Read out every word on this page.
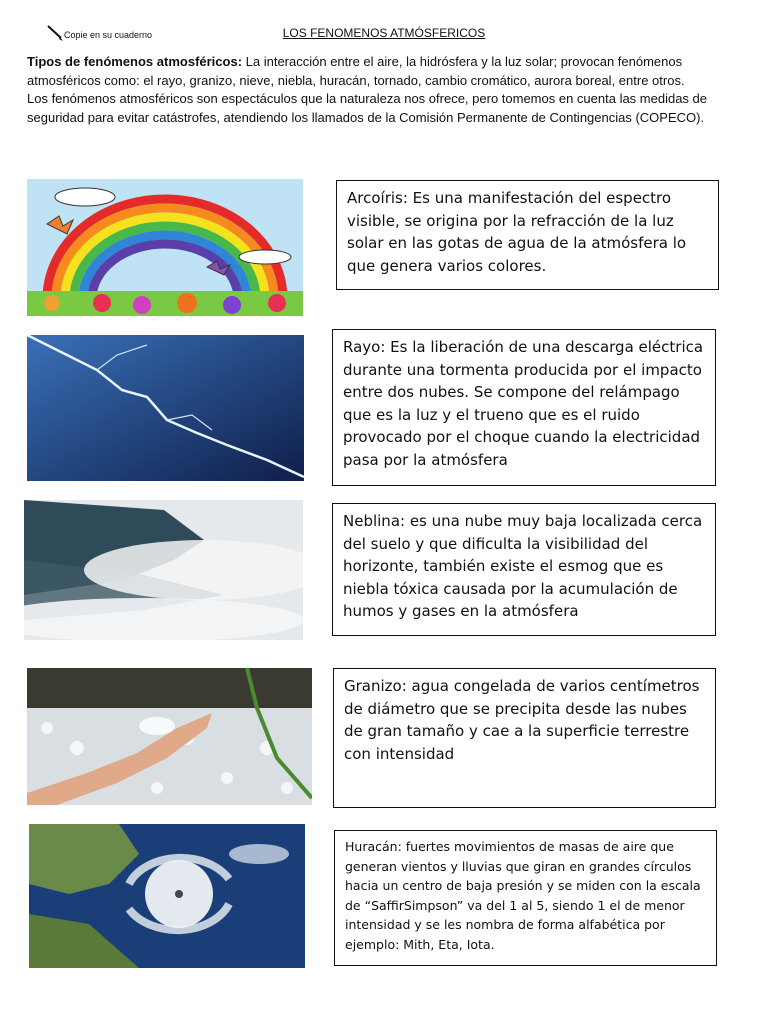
Copie en su cuaderno	LOS FENOMENOS ATMÓSFERICOS
Tipos de fenómenos atmosféricos: La interacción entre el aire, la hidrósfera y la luz solar; provocan fenómenos atmosféricos como: el rayo, granizo, nieve, niebla, huracán, tornado, cambio cromático, aurora boreal, entre otros.
Los fenómenos atmosféricos son espectáculos que la naturaleza nos ofrece, pero tomemos en cuenta las medidas de seguridad para evitar catástrofes, atendiendo los llamados de la Comisión Permanente de Contingencias (COPECO).
Arcoíris: Es una manifestación del espectro visible, se origina por la refracción de la luz solar en las gotas de agua de la atmósfera lo que genera varios colores.
Rayo: Es la liberación de una descarga eléctrica durante una tormenta producida por el impacto entre dos nubes. Se compone del relámpago que es la luz y el trueno que es el ruido provocado por el choque cuando la electricidad pasa por la atmósfera
Neblina: es una nube muy baja localizada cerca del suelo y que dificulta la visibilidad del horizonte, también existe el esmog que es niebla tóxica causada por la acumulación de humos y gases en la atmósfera
Granizo: agua congelada de varios centímetros de diámetro que se precipita desde las nubes de gran tamaño y cae a la superficie terrestre con intensidad
Huracán: fuertes movimientos de masas de aire que generan vientos y lluvias que giran en grandes círculos hacia un centro de baja presión y se miden con la escala de “SaffirSimpson” va del 1 al 5, siendo 1 el de menor intensidad y se les nombra de forma alfabética por ejemplo: Mith, Eta, Iota.
